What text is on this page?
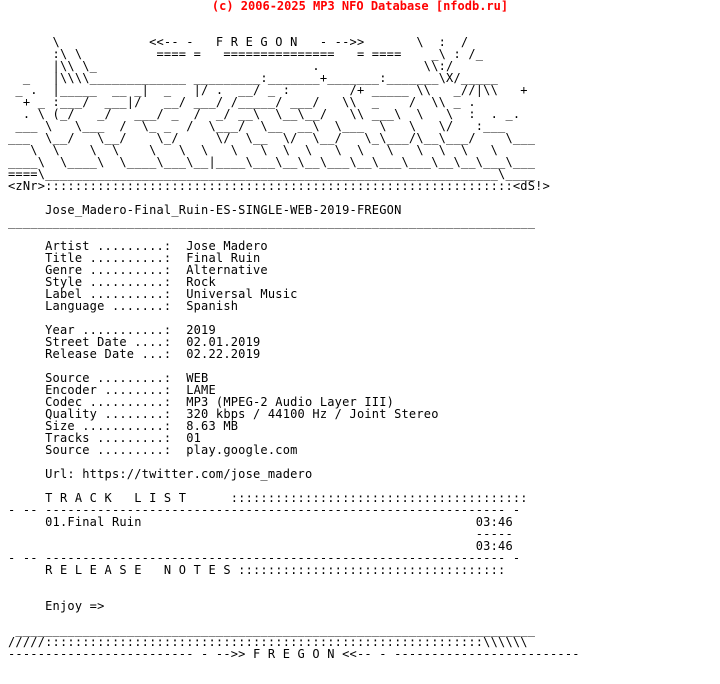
(c) 2006-2025 MP3 NFO Database [nfodb.ru]

\            <<-- -   F R E G O N   - -->>       \  :  /
:\ \          ==== =   ===============   = ====    _\ : /_
|\\ \_                             .              \\:/
_   |\\\\_____________ _________:_______+_______:_______\X/_____
_ .  |_____  __ _|  _   |/ .  __/ _ :        /+ _____ \\   _//|\\   +
+ _ :___/  ___|/   __/ ___/ /_____/ ___/   \\  _    /  \\ _ .
. \ (_/   _/   ___/ _  /  _/ __\  \__\__/   \\ ___\  \   \  :  . _.
___ \   \___  /  \_ _  /  \___/  \__  __\  \___  \   \   \/   :___
___  \__/   \__/    \_/     \/  \__  \/  \__/   \_\___/\__\___/    \___
\  \    \  \    \   \  \   \   \  \  \   \  \   \   \  \  \   \
____\  \____\  \____\___\__|____\___\__\__\___\__\___\___\__\__\___\___
====\_____________________________________________________________\____
<zNr>:::::::::::::::::::::::::::::::::::::::::::::::::::::::::::::::<dS!>
Jose_Madero-Final_Ruin-ES-SINGLE-WEB-2019-FREGON
_______________________________________________________________________
Artist .........:  Jose Madero
Title ..........:  Final Ruin
Genre ..........:  Alternative
Style ..........:  Rock
Label ..........:  Universal Music
Language .......:  Spanish
Year ...........:  2019
Street Date ....:  02.01.2019
Release Date ...:  02.22.2019
Source .........:  WEB
Encoder ........:  LAME
Codec ..........:  MP3 (MPEG-2 Audio Layer III)
Quality ........:  320 kbps / 44100 Hz / Joint Stereo
Size ...........:  8.63 MB
Tracks .........:  01
Source .........:  play.google.com
Url: https://twitter.com/jose_madero
T R A C K   L I S T      ::::::::::::::::::::::::::::::::::::::::
- -- -------------------------------------------------------------- -
01.Final Ruin                                             03:46
-----
03:46
- -- -------------------------------------------------------------- -
R E L E A S E   N O T E S ::::::::::::::::::::::::::::::::::::
Enjoy =>
______________________________________________________________________
/////:::::::::::::::::::::::::::::::::::::::::::::::::::::::::::\\\\\\
------------------------- - -->> F R E G O N <<-- - -------------------------
